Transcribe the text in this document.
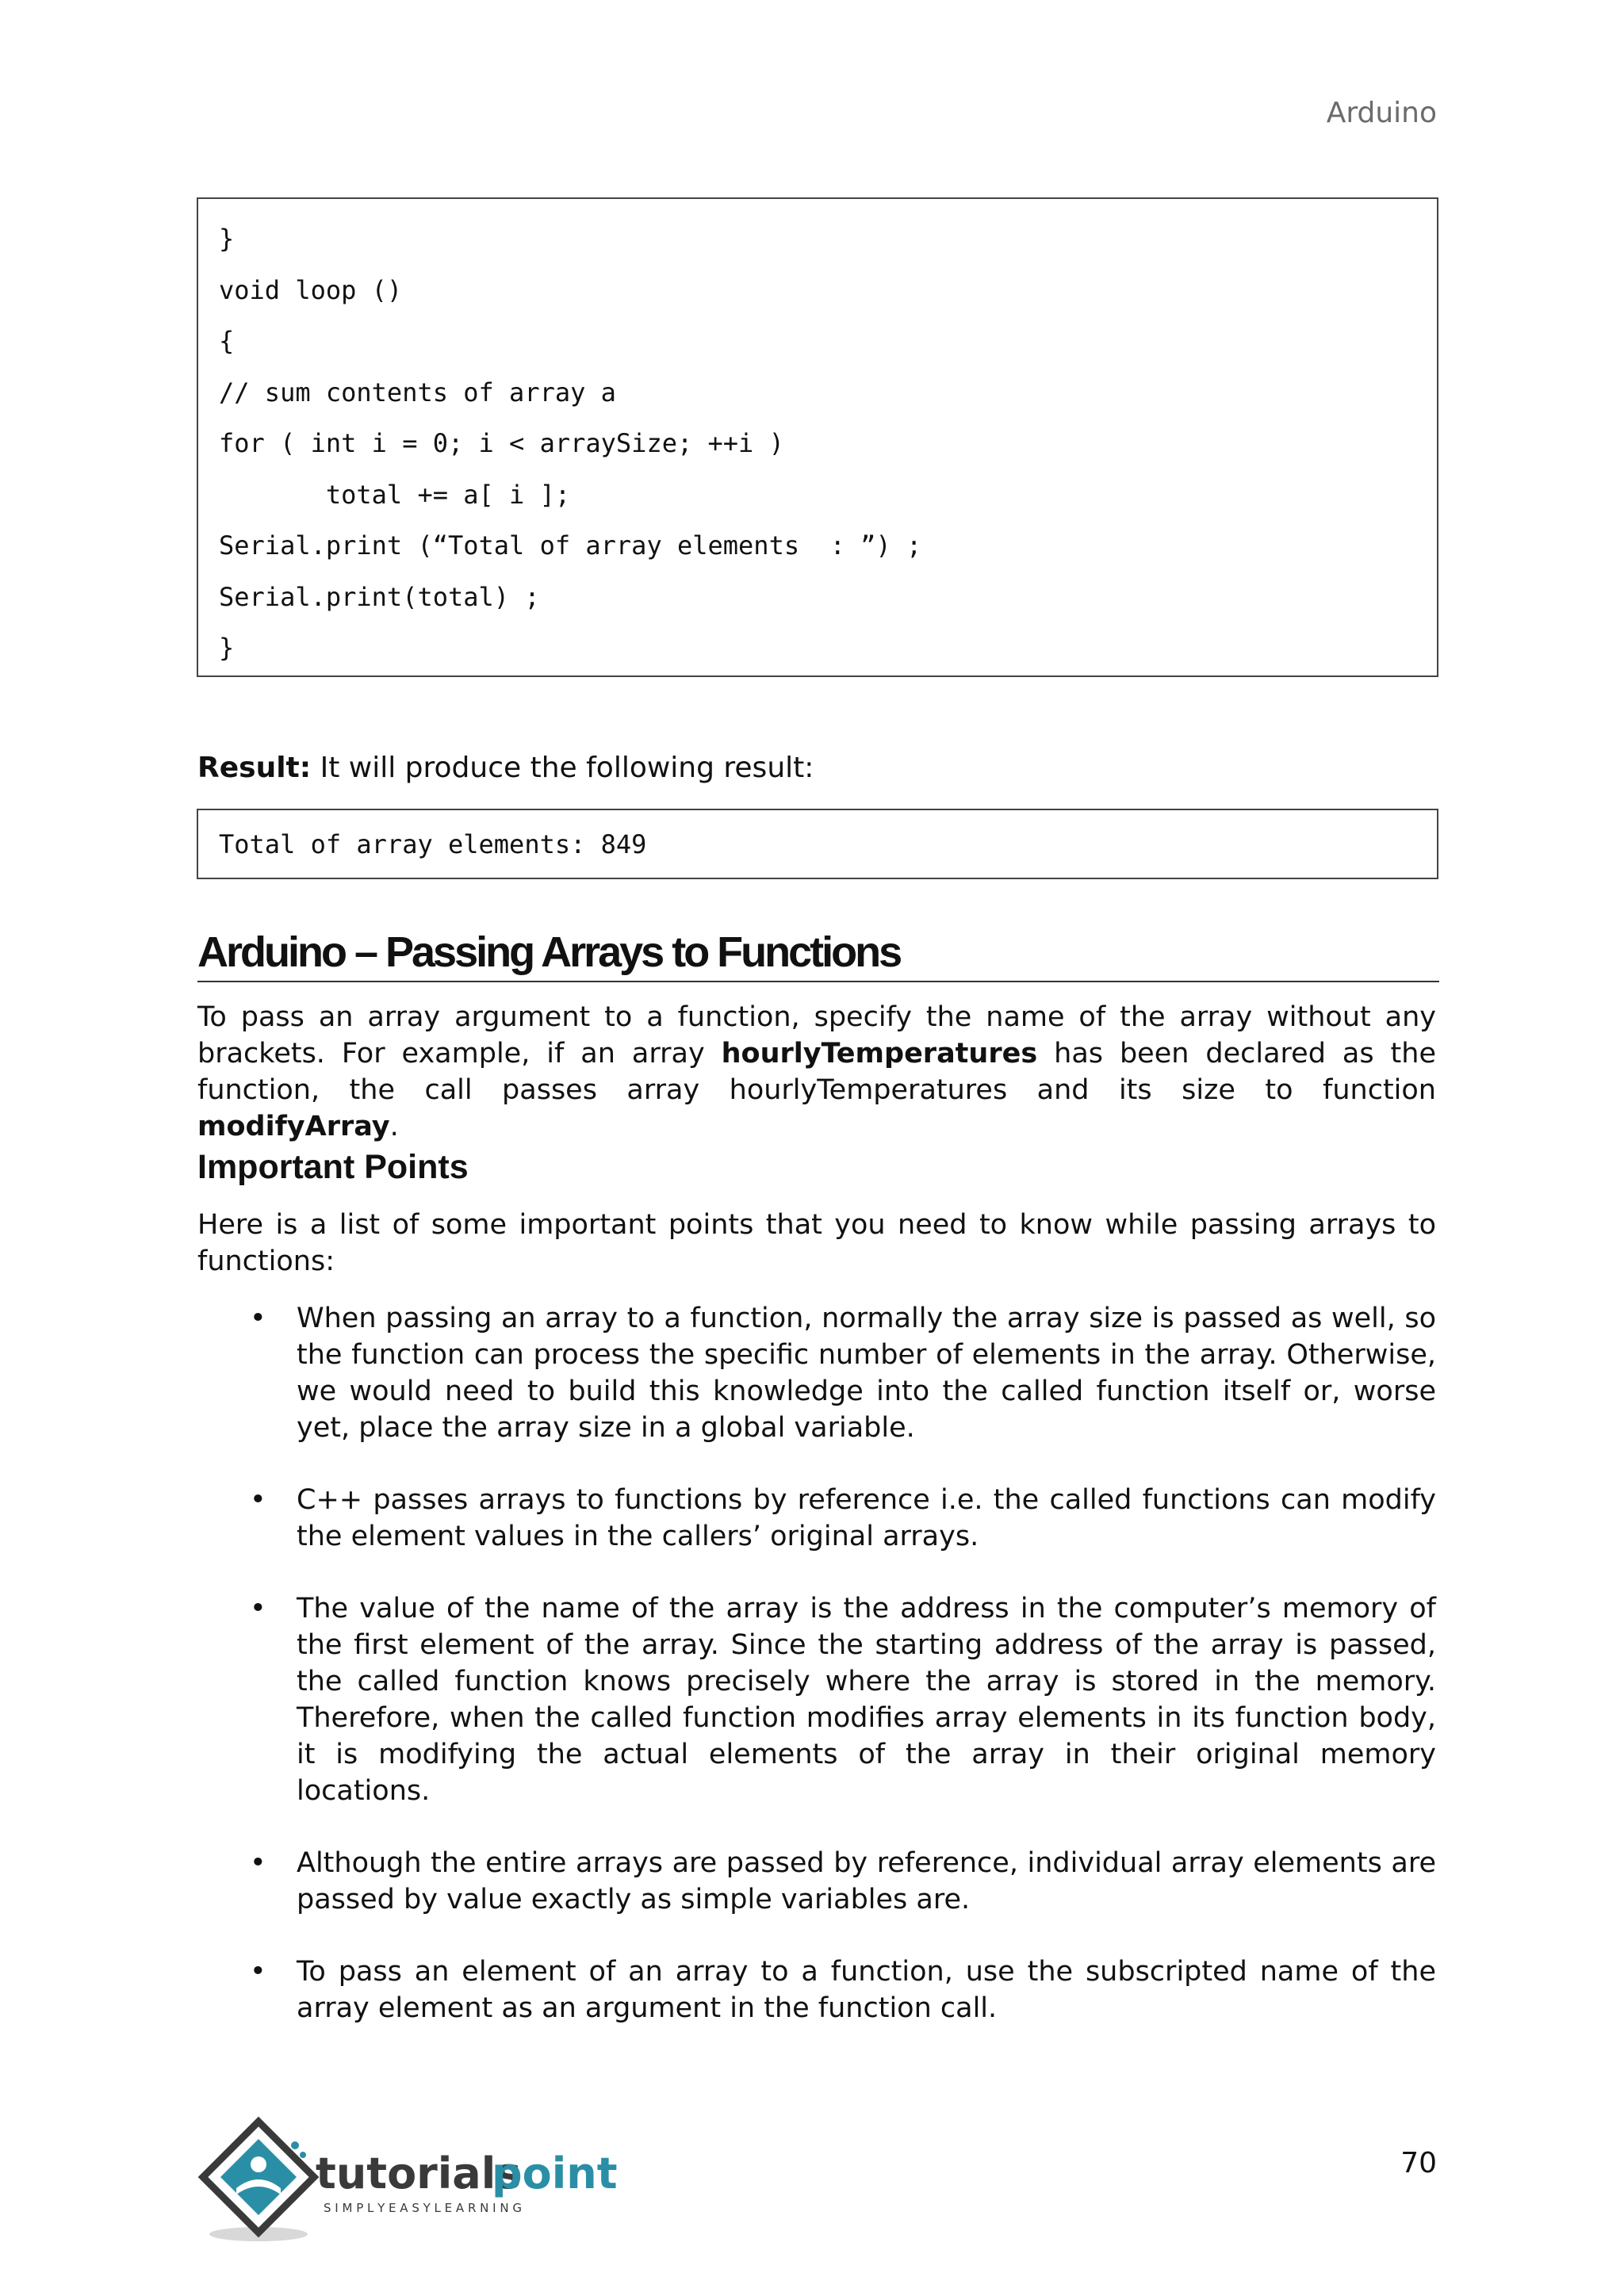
Arduino
}
void loop ()
{
// sum contents of array a
for ( int i = 0; i < arraySize; ++i )
total += a[ i ];
Serial.print (“Total of array elements  : ”) ;
Serial.print(total) ;
}
Result: It will produce the following result:
Total of array elements: 849
Arduino – Passing Arrays to Functions
To pass an array argument to a function, specify the name of the array without any brackets. For example, if an array hourlyTemperatures has been declared as the function, the call passes array hourlyTemperatures and its size to function modifyArray.
Important Points
Here is a list of some important points that you need to know while passing arrays to functions:
• When passing an array to a function, normally the array size is passed as well, so the function can process the specific number of elements in the array. Otherwise, we would need to build this knowledge into the called function itself or, worse yet, place the array size in a global variable.
• C++ passes arrays to functions by reference i.e. the called functions can modify the element values in the callers’ original arrays.
• The value of the name of the array is the address in the computer’s memory of the first element of the array. Since the starting address of the array is passed, the called function knows precisely where the array is stored in the memory. Therefore, when the called function modifies array elements in its function body, it is modifying the actual elements of the array in their original memory locations.
• Although the entire arrays are passed by reference, individual array elements are passed by value exactly as simple variables are.
• To pass an element of an array to a function, use the subscripted name of the array element as an argument in the function call.
tutorials
point
S I M P L Y E A S Y L E A R N I N G
70
